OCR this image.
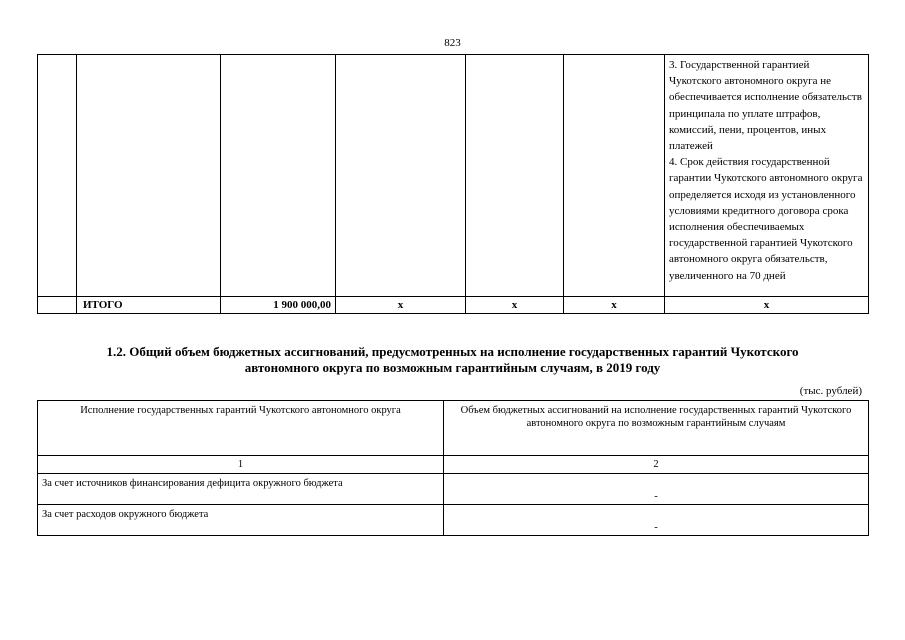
823

						3. Государственной гарантией Чукотского автономного округа не обеспечивается исполнение обязательств принципала по уплате штрафов, комиссий, пени, процентов, иных платежей
4. Срок действия государственной гарантии Чукотского автономного округа определяется исходя из установленного условиями кредитного договора срока исполнения обеспечиваемых государственной гарантией Чукотского автономного округа обязательств, увеличенного на 70 дней

	ИТОГО	1 900 000,00	x	x	x	x
1.2. Общий объем бюджетных ассигнований, предусмотренных на исполнение государственных гарантий Чукотского
автономного округа по возможным гарантийным случаям, в 2019 году
(тыс. рублей)
Исполнение государственных гарантий Чукотского автономного округа	Объем бюджетных ассигнований на исполнение государственных гарантий Чукотского автономного округа по возможным гарантийным случаям
1	2
За счет источников финансирования дефицита окружного бюджета	-
За счет расходов окружного бюджета	-
